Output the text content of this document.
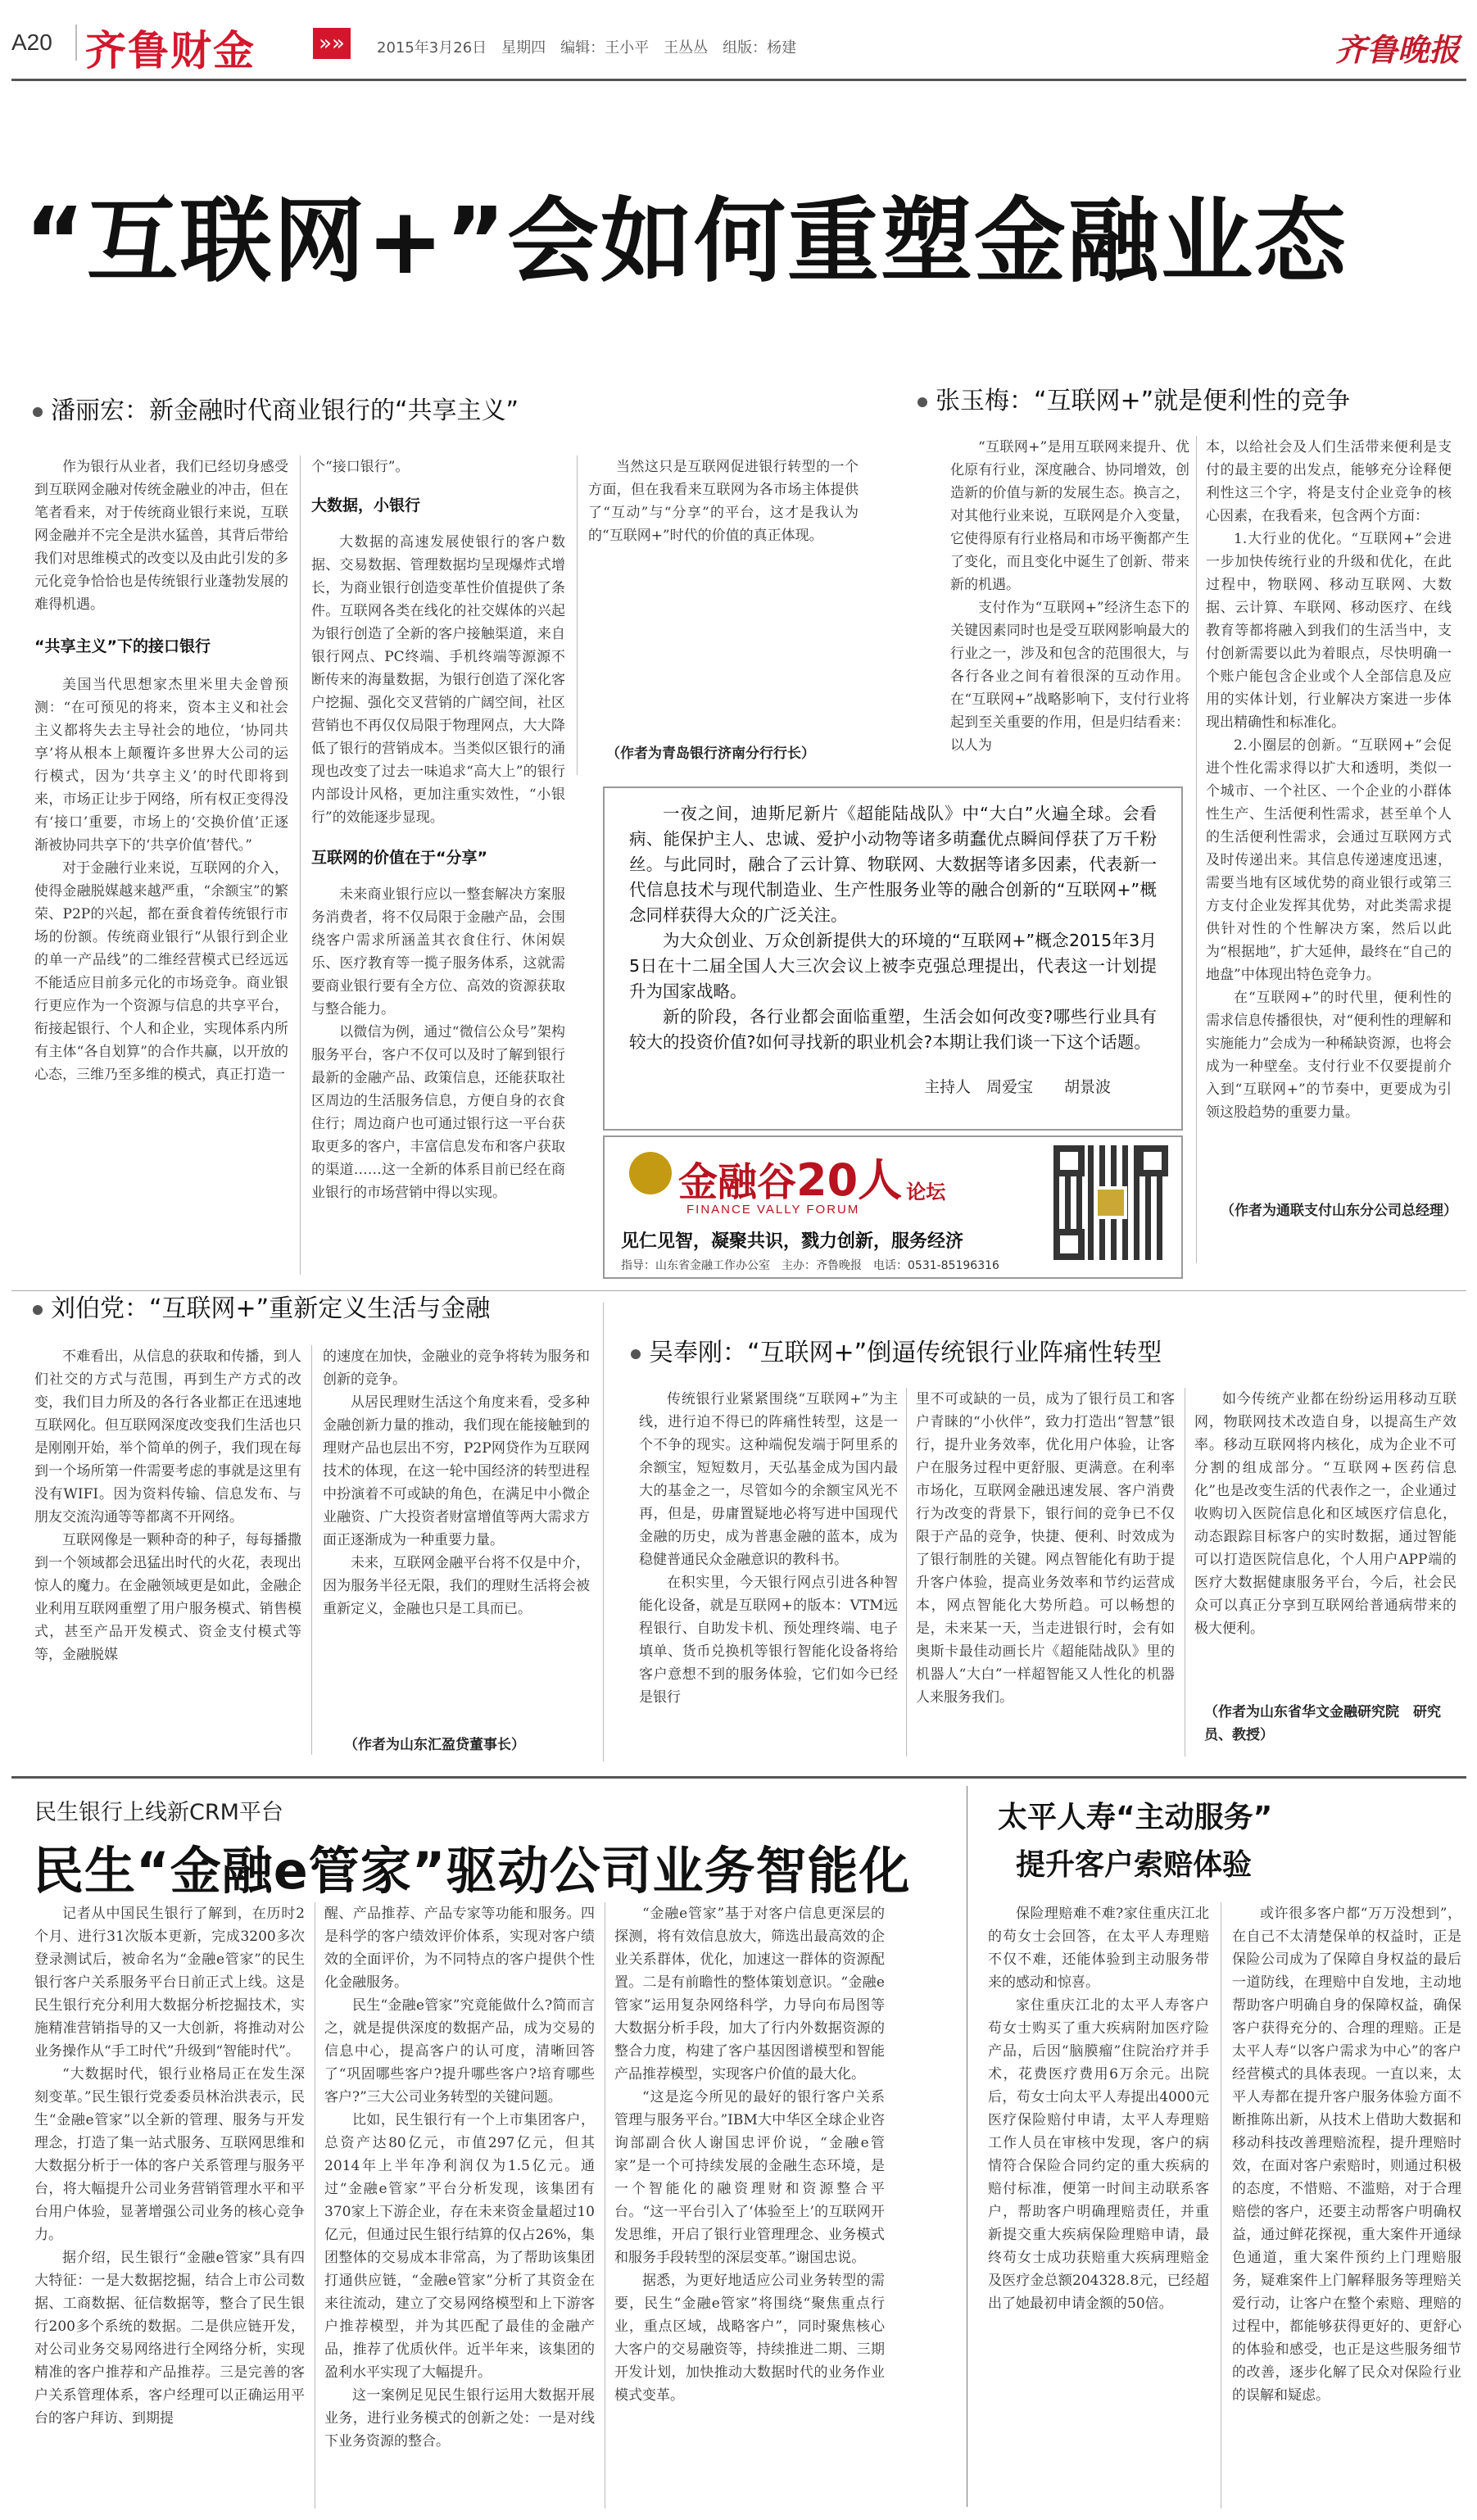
A20 齐鲁财金	»»	2015年3月26日　星期四　编辑：王小平　王丛丛　组版：杨建	齐鲁晚报
“互联网+”会如何重塑金融业态
潘丽宏：新金融时代商业银行的“共享主义”

作为银行从业者，我们已经切身感受到互联网金融对传统金融业的冲击，但在笔者看来，对于传统商业银行来说，互联网金融并不完全是洪水猛兽，其背后带给我们对思维模式的改变以及由此引发的多元化竞争恰恰也是传统银行业蓬勃发展的难得机遇。

“共享主义”下的接口银行

美国当代思想家杰里米里夫金曾预测：“在可预见的将来，资本主义和社会主义都将失去主导社会的地位，‘协同共享’将从根本上颠覆许多世界大公司的运行模式，因为‘共享主义’的时代即将到来，市场正让步于网络，所有权正变得没有‘接口’重要，市场上的‘交换价值’正逐渐被协同共享下的‘共享价值’替代。”

对于金融行业来说，互联网的介入，使得金融脱媒越来越严重，“余额宝”的繁荣、P2P的兴起，都在蚕食着传统银行市场的份额。传统商业银行“从银行到企业的单一产品线”的二维经营模式已经远远不能适应目前多元化的市场竞争。商业银行更应作为一个资源与信息的共享平台，衔接起银行、个人和企业，实现体系内所有主体“各自划算”的合作共赢，以开放的心态，三维乃至多维的模式，真正打造一

个“接口银行”。

大数据，小银行

大数据的高速发展使银行的客户数据、交易数据、管理数据均呈现爆炸式增长，为商业银行创造变革性价值提供了条件。互联网各类在线化的社交媒体的兴起为银行创造了全新的客户接触渠道，来自银行网点、PC终端、手机终端等源源不断传来的海量数据，为银行创造了深化客户挖掘、强化交叉营销的广阔空间，社区营销也不再仅仅局限于物理网点，大大降低了银行的营销成本。当类似区银行的涌现也改变了过去一味追求“高大上”的银行内部设计风格，更加注重实效性，“小银行”的效能逐步显现。

互联网的价值在于“分享”

未来商业银行应以一整套解决方案服务消费者，将不仅局限于金融产品，会围绕客户需求所涵盖其衣食住行、休闲娱乐、医疗教育等一揽子服务体系，这就需要商业银行要有全方位、高效的资源获取与整合能力。

以微信为例，通过“微信公众号”架构服务平台，客户不仅可以及时了解到银行最新的金融产品、政策信息，还能获取社区周边的生活服务信息，方便自身的衣食住行；周边商户也可通过银行这一平台获取更多的客户，丰富信息发布和客户获取的渠道……这一全新的体系目前已经在商业银行的市场营销中得以实现。

当然这只是互联网促进银行转型的一个方面，但在我看来互联网为各市场主体提供了“互动”与“分享”的平台，这才是我认为的“互联网+”时代的价值的真正体现。

（作者为青岛银行济南分行行长）
张玉梅：“互联网+”就是便利性的竞争

“互联网+”是用互联网来提升、优化原有行业，深度融合、协同增效，创造新的价值与新的发展生态。换言之，对其他行业来说，互联网是介入变量，它使得原有行业格局和市场平衡都产生了变化，而且变化中诞生了创新、带来新的机遇。

支付作为“互联网+”经济生态下的关键因素同时也是受互联网影响最大的行业之一，涉及和包含的范围很大，与各行各业之间有着很深的互动作用。在“互联网+”战略影响下，支付行业将起到至关重要的作用，但是归结看来：以人为

本，以给社会及人们生活带来便利是支付的最主要的出发点，能够充分诠释便利性这三个字，将是支付企业竞争的核心因素，在我看来，包含两个方面：

1.大行业的优化。“互联网+”会进一步加快传统行业的升级和优化，在此过程中，物联网、移动互联网、大数据、云计算、车联网、移动医疗、在线教育等都将融入到我们的生活当中，支付创新需要以此为着眼点，尽快明确一个账户能包含企业或个人全部信息及应用的实体计划，行业解决方案进一步体现出精确性和标准化。

2.小圈层的创新。“互联网+”会促进个性化需求得以扩大和透明，类似一个城市、一个社区、一个企业的小群体性生产、生活便利性需求，甚至单个人的生活便利性需求，会通过互联网方式及时传递出来。其信息传递速度迅速，需要当地有区域优势的商业银行或第三方支付企业发挥其优势，对此类需求提供针对性的个性解决方案，然后以此为“根据地”，扩大延伸，最终在“自己的地盘”中体现出特色竞争力。

在“互联网+”的时代里，便利性的需求信息传播很快，对“便利性的理解和实施能力”会成为一种稀缺资源，也将会成为一种壁垒。支付行业不仅要提前介入到“互联网+”的节奏中，更要成为引领这股趋势的重要力量。

（作者为通联支付山东分公司总经理）

一夜之间，迪斯尼新片《超能陆战队》中“大白”火遍全球。会看病、能保护主人、忠诚、爱护小动物等诸多萌蠢优点瞬间俘获了万千粉丝。与此同时，融合了云计算、物联网、大数据等诸多因素，代表新一代信息技术与现代制造业、生产性服务业等的融合创新的“互联网+”概念同样获得大众的广泛关注。

为大众创业、万众创新提供大的环境的“互联网+”概念2015年3月5日在十二届全国人大三次会议上被李克强总理提出，代表这一计划提升为国家战略。

新的阶段，各行业都会面临重塑，生活会如何改变?哪些行业具有较大的投资价值?如何寻找新的职业机会?本期让我们谈一下这个话题。

主持人　周爱宝　　胡景波
金融谷20人 论坛
FINANCE VALLY FORUM
见仁见智，凝聚共识，戮力创新，服务经济
指导：山东省金融工作办公室　主办：齐鲁晚报　电话：0531-85196316
刘伯党：“互联网+”重新定义生活与金融

不难看出，从信息的获取和传播，到人们社交的方式与范围，再到生产方式的改变，我们目力所及的各行各业都正在迅速地互联网化。但互联网深度改变我们生活也只是刚刚开始，举个简单的例子，我们现在每到一个场所第一件需要考虑的事就是这里有没有WIFI。因为资料传输、信息发布、与朋友交流沟通等等都离不开网络。

互联网像是一颗种奇的种子，每每播撒到一个领域都会迅猛出时代的火花，表现出惊人的魔力。在金融领域更是如此，金融企业利用互联网重塑了用户服务模式、销售模式，甚至产品开发模式、资金支付模式等等，金融脱媒

的速度在加快，金融业的竞争将转为服务和创新的竞争。

从居民理财生活这个角度来看，受多种金融创新力量的推动，我们现在能接触到的理财产品也层出不穷，P2P网贷作为互联网技术的体现，在这一轮中国经济的转型进程中扮演着不可或缺的角色，在满足中小微企业融资、广大投资者财富增值等两大需求方面正逐渐成为一种重要力量。

未来，互联网金融平台将不仅是中介，因为服务半径无限，我们的理财生活将会被重新定义，金融也只是工具而已。

（作者为山东汇盈贷董事长）
吴奉刚：“互联网+”倒逼传统银行业阵痛性转型

传统银行业紧紧围绕“互联网+”为主线，进行迫不得已的阵痛性转型，这是一个不争的现实。这种端倪发端于阿里系的余额宝，短短数月，天弘基金成为国内最大的基金之一，尽管如今的余额宝风光不再，但是，毋庸置疑地必将写进中国现代金融的历史，成为普惠金融的蓝本，成为稳健普通民众金融意识的教科书。

在积实里，今天银行网点引进各种智能化设备，就是互联网+的版本：VTM远程银行、自助发卡机、预处理终端、电子填单、货币兑换机等银行智能化设备将给客户意想不到的服务体验，它们如今已经是银行

里不可或缺的一员，成为了银行员工和客户青睐的“小伙伴”，致力打造出“智慧”银行，提升业务效率，优化用户体验，让客户在服务过程中更舒服、更满意。在利率市场化，互联网金融迅速发展、客户消费行为改变的背景下，银行间的竞争已不仅限于产品的竞争，快捷、便利、时效成为了银行制胜的关键。网点智能化有助于提升客户体验，提高业务效率和节约运营成本，网点智能化大势所趋。可以畅想的是，未来某一天，当走进银行时，会有如奥斯卡最佳动画长片《超能陆战队》里的机器人“大白”一样超智能又人性化的机器人来服务我们。

如今传统产业都在纷纷运用移动互联网，物联网技术改造自身，以提高生产效率。移动互联网将内核化，成为企业不可分割的组成部分。“互联网+医药信息化”也是改变生活的代表作之一，企业通过收购切入医院信息化和区域医疗信息化，动态跟踪目标客户的实时数据，通过智能可以打造医院信息化，个人用户APP端的医疗大数据健康服务平台，今后，社会民众可以真正分享到互联网给普通病带来的极大便利。

（作者为山东省华文金融研究院　研究员、教授）
民生银行上线新CRM平台
民生“金融e管家”驱动公司业务智能化

记者从中国民生银行了解到，在历时2个月、进行31次版本更新，完成3200多次登录测试后，被命名为“金融e管家”的民生银行客户关系服务平台日前正式上线。这是民生银行充分利用大数据分析挖掘技术，实施精准营销指导的又一大创新，将推动对公业务操作从“手工时代”升级到“智能时代”。

“大数据时代，银行业格局正在发生深刻变革。”民生银行党委委员林治洪表示，民生“金融e管家”以全新的管理、服务与开发理念，打造了集一站式服务、互联网思维和大数据分析于一体的客户关系管理与服务平台，将大幅提升公司业务营销管理水平和平台用户体验，显著增强公司业务的核心竞争力。

据介绍，民生银行“金融e管家”具有四大特征：一是大数据挖掘，结合上市公司数据、工商数据、征信数据等，整合了民生银行200多个系统的数据。二是供应链开发，对公司业务交易网络进行全网络分析，实现精准的客户推荐和产品推荐。三是完善的客户关系管理体系，客户经理可以正确运用平台的客户拜访、到期提

醒、产品推荐、产品专家等功能和服务。四是科学的客户绩效评价体系，实现对客户绩效的全面评价，为不同特点的客户提供个性化金融服务。

民生“金融e管家”究竟能做什么?简而言之，就是提供深度的数据产品，成为交易的信息中心，提高客户的认可度，清晰回答了“巩固哪些客户?提升哪些客户?培育哪些客户?”三大公司业务转型的关键问题。

比如，民生银行有一个上市集团客户，总资产达80亿元，市值297亿元，但其2014年上半年净利润仅为1.5亿元。通过“金融e管家”平台分析发现，该集团有370家上下游企业，存在未来资金量超过10亿元，但通过民生银行结算的仅占26%，集团整体的交易成本非常高，为了帮助该集团打通供应链，“金融e管家”分析了其资金在来往流动，建立了交易网络模型和上下游客户推荐模型，并为其匹配了最佳的金融产品，推荐了优质伙伴。近半年来，该集团的盈利水平实现了大幅提升。

这一案例足见民生银行运用大数据开展业务，进行业务模式的创新之处：一是对线下业务资源的整合。

“金融e管家”基于对客户信息更深层的探测，将有效信息放大，筛选出最高效的企业关系群体，优化，加速这一群体的资源配置。二是有前瞻性的整体策划意识。“金融e管家”运用复杂网络科学，力导向布局图等大数据分析手段，加大了行内外数据资源的整合力度，构建了客户基因图谱模型和智能产品推荐模型，实现客户价值的最大化。

“这是迄今所见的最好的银行客户关系管理与服务平台。”IBM大中华区全球企业咨询部副合伙人谢国忠评价说，“金融e管家”是一个可持续发展的金融生态环境，是一个智能化的融资理财和资源整合平台。“这一平台引入了‘体验至上’的互联网开发思维，开启了银行业管理理念、业务模式和服务手段转型的深层变革。”谢国忠说。

据悉，为更好地适应公司业务转型的需要，民生“金融e管家”将围绕“聚焦重点行业，重点区域，战略客户”，同时聚焦核心大客户的交易融资等，持续推进二期、三期开发计划，加快推动大数据时代的业务作业模式变革。

太平人寿“主动服务”
提升客户索赔体验

保险理赔难不难?家住重庆江北的苟女士会回答，在太平人寿理赔不仅不难，还能体验到主动服务带来的感动和惊喜。

家住重庆江北的太平人寿客户苟女士购买了重大疾病附加医疗险产品，后因“脑膜瘤”住院治疗并手术，花费医疗费用6万余元。出院后，苟女士向太平人寿提出4000元医疗保险赔付申请，太平人寿理赔工作人员在审核中发现，客户的病情符合保险合同约定的重大疾病的赔付标准，便第一时间主动联系客户，帮助客户明确理赔责任，并重新提交重大疾病保险理赔申请，最终苟女士成功获赔重大疾病理赔金及医疗金总额204328.8元，已经超出了她最初申请金额的50倍。

或许很多客户都“万万没想到”，在自己不太清楚保单的权益时，正是保险公司成为了保障自身权益的最后一道防线，在理赔中自发地，主动地帮助客户明确自身的保障权益，确保客户获得充分的、合理的理赔。正是太平人寿“以客户需求为中心”的客户经营模式的具体表现。一直以来，太平人寿都在提升客户服务体验方面不断推陈出新，从技术上借助大数据和移动科技改善理赔流程，提升理赔时效，在面对客户索赔时，则通过积极的态度，不惜赔、不滥赔，对于合理赔偿的客户，还要主动帮客户明确权益，通过鲜花探视，重大案件开通绿色通道，重大案件预约上门理赔服务，疑难案件上门解释服务等理赔关爱行动，让客户在整个索赔、理赔的过程中，都能够获得更好的、更舒心的体验和感受，也正是这些服务细节的改善，逐步化解了民众对保险行业的误解和疑虑。
